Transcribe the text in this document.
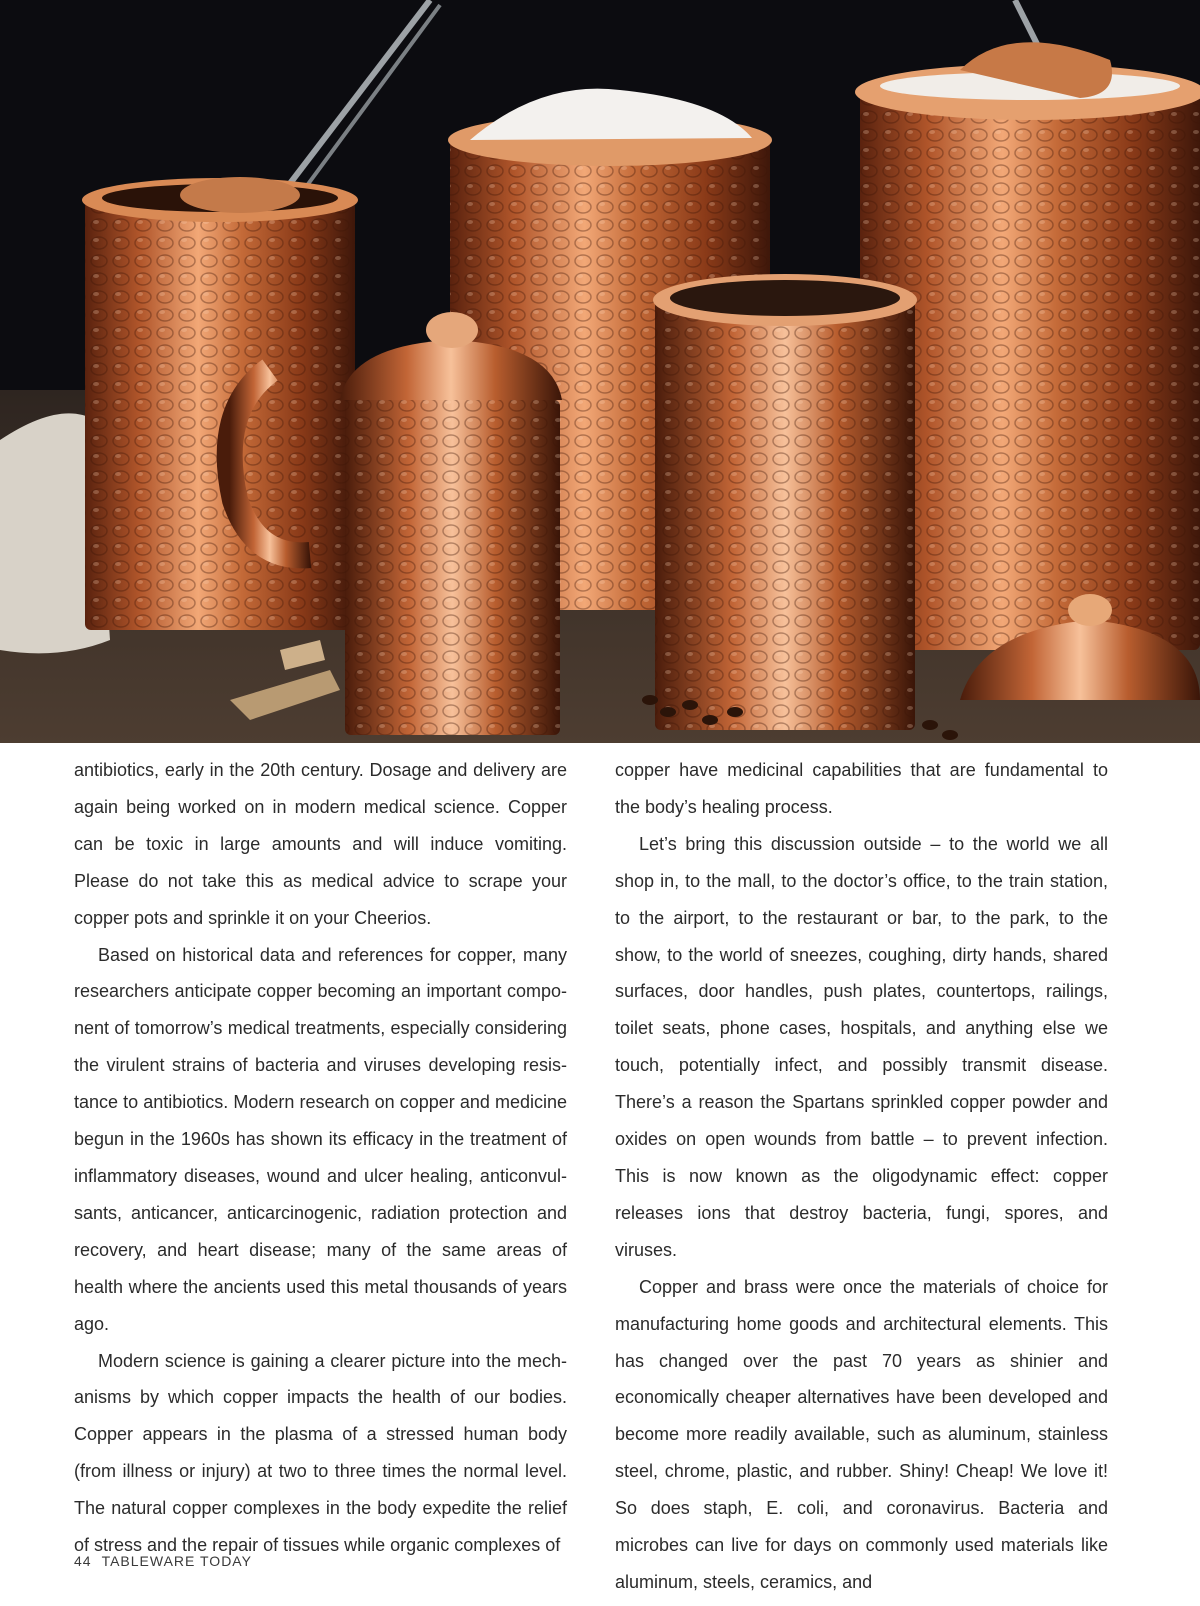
antibiotics, early in the 20th century. Dosage and delivery are again being worked on in modern medical science. Copper can be toxic in large amounts and will induce vomiting. Please do not take this as medical advice to scrape your copper pots and sprinkle it on your Cheerios.

Based on historical data and references for copper, many researchers anticipate copper becoming an important component of tomorrow’s medical treatments, especially considering the virulent strains of bacteria and viruses developing resistance to antibiotics. Modern research on copper and medicine begun in the 1960s has shown its efficacy in the treatment of inflammatory diseases, wound and ulcer healing, anticonvulsants, anticancer, anticarcinogenic, radiation protection and recovery, and heart disease; many of the same areas of health where the ancients used this metal thousands of years ago.

Modern science is gaining a clearer picture into the mechanisms by which copper impacts the health of our bodies. Copper appears in the plasma of a stressed human body (from illness or injury) at two to three times the normal level. The natural copper complexes in the body expedite the relief of stress and the repair of tissues while organic complexes of

copper have medicinal capabilities that are fundamental to the body’s healing process.

Let’s bring this discussion outside – to the world we all shop in, to the mall, to the doctor’s office, to the train station, to the airport, to the restaurant or bar, to the park, to the show, to the world of sneezes, coughing, dirty hands, shared surfaces, door handles, push plates, countertops, railings, toilet seats, phone cases, hospitals, and anything else we touch, potentially infect, and possibly transmit disease. There’s a reason the Spartans sprinkled copper powder and oxides on open wounds from battle – to prevent infection. This is now known as the oligodynamic effect: copper releases ions that destroy bacteria, fungi, spores, and viruses.

Copper and brass were once the materials of choice for manufacturing home goods and architectural elements. This has changed over the past 70 years as shinier and economically cheaper alternatives have been developed and become more readily available, such as aluminum, stainless steel, chrome, plastic, and rubber. Shiny! Cheap! We love it! So does staph, E. coli, and coronavirus. Bacteria and microbes can live for days on commonly used materials like aluminum, steels, ceramics, and

44 TABLEWARE TODAY
